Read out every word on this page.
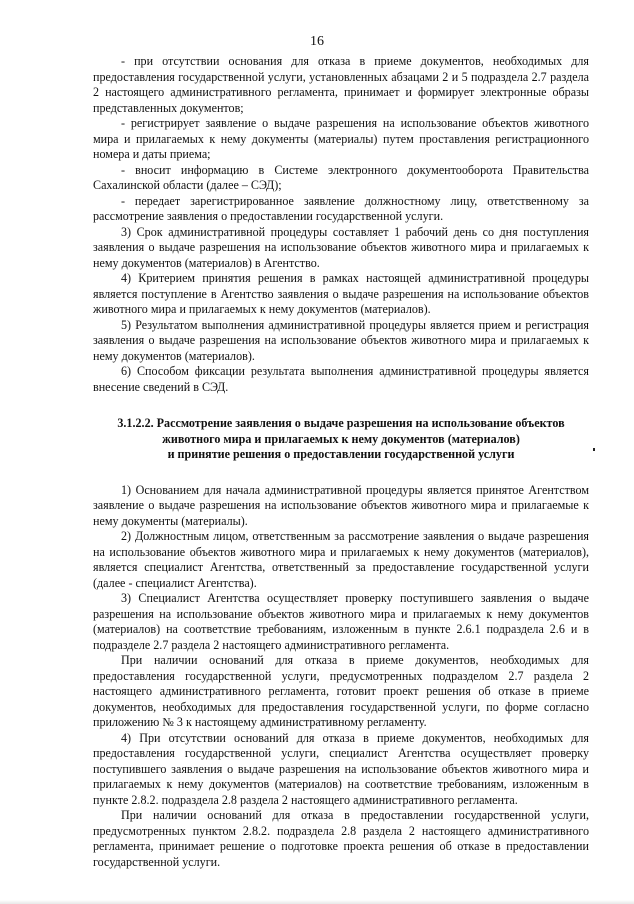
16

- при отсутствии основания для отказа в приеме документов, необходимых для предоставления государственной услуги, установленных абзацами 2 и 5 подраздела 2.7 раздела 2 настоящего административного регламента, принимает и формирует электронные образы представленных документов;

- регистрирует заявление о выдаче разрешения на использование объектов животного мира и прилагаемых к нему документы (материалы) путем проставления регистрационного номера и даты приема;

- вносит информацию в Системе электронного документооборота Правительства Сахалинской области (далее – СЭД);

- передает зарегистрированное заявление должностному лицу, ответственному за рассмотрение заявления о предоставлении государственной услуги.

3) Срок административной процедуры составляет 1 рабочий день со дня поступления заявления о выдаче разрешения на использование объектов животного мира и прилагаемых к нему документов (материалов) в Агентство.

4) Критерием принятия решения в рамках настоящей административной процедуры является поступление в Агентство заявления о выдаче разрешения на использование объектов животного мира и прилагаемых к нему документов (материалов).

5) Результатом выполнения административной процедуры является прием и регистрация заявления о выдаче разрешения на использование объектов животного мира и прилагаемых к нему документов (материалов).

6) Способом фиксации результата выполнения административной процедуры является внесение сведений в СЭД.

3.1.2.2. Рассмотрение заявления о выдаче разрешения на использование объектов животного мира и прилагаемых к нему документов (материалов)
и принятие решения о предоставлении государственной услуги

1) Основанием для начала административной процедуры является принятое Агентством заявление о выдаче разрешения на использование объектов животного мира и прилагаемые к нему документы (материалы).

2) Должностным лицом, ответственным за рассмотрение заявления о выдаче разрешения на использование объектов животного мира и прилагаемых к нему документов (материалов), является специалист Агентства, ответственный за предоставление государственной услуги (далее - специалист Агентства).

3) Специалист Агентства осуществляет проверку поступившего заявления о выдаче разрешения на использование объектов животного мира и прилагаемых к нему документов (материалов) на соответствие требованиям, изложенным в пункте 2.6.1 подраздела 2.6 и в подразделе 2.7 раздела 2 настоящего административного регламента.

При наличии оснований для отказа в приеме документов, необходимых для предоставления государственной услуги, предусмотренных подразделом 2.7 раздела 2 настоящего административного регламента, готовит проект решения об отказе в приеме документов, необходимых для предоставления государственной услуги, по форме согласно приложению № 3 к настоящему административному регламенту.

4) При отсутствии оснований для отказа в приеме документов, необходимых для предоставления государственной услуги, специалист Агентства осуществляет проверку поступившего заявления о выдаче разрешения на использование объектов животного мира и прилагаемых к нему документов (материалов) на соответствие требованиям, изложенным в пункте 2.8.2. подраздела 2.8 раздела 2 настоящего административного регламента.

При наличии оснований для отказа в предоставлении государственной услуги, предусмотренных пунктом 2.8.2. подраздела 2.8 раздела 2 настоящего административного регламента, принимает решение о подготовке проекта решения об отказе в предоставлении государственной услуги.
